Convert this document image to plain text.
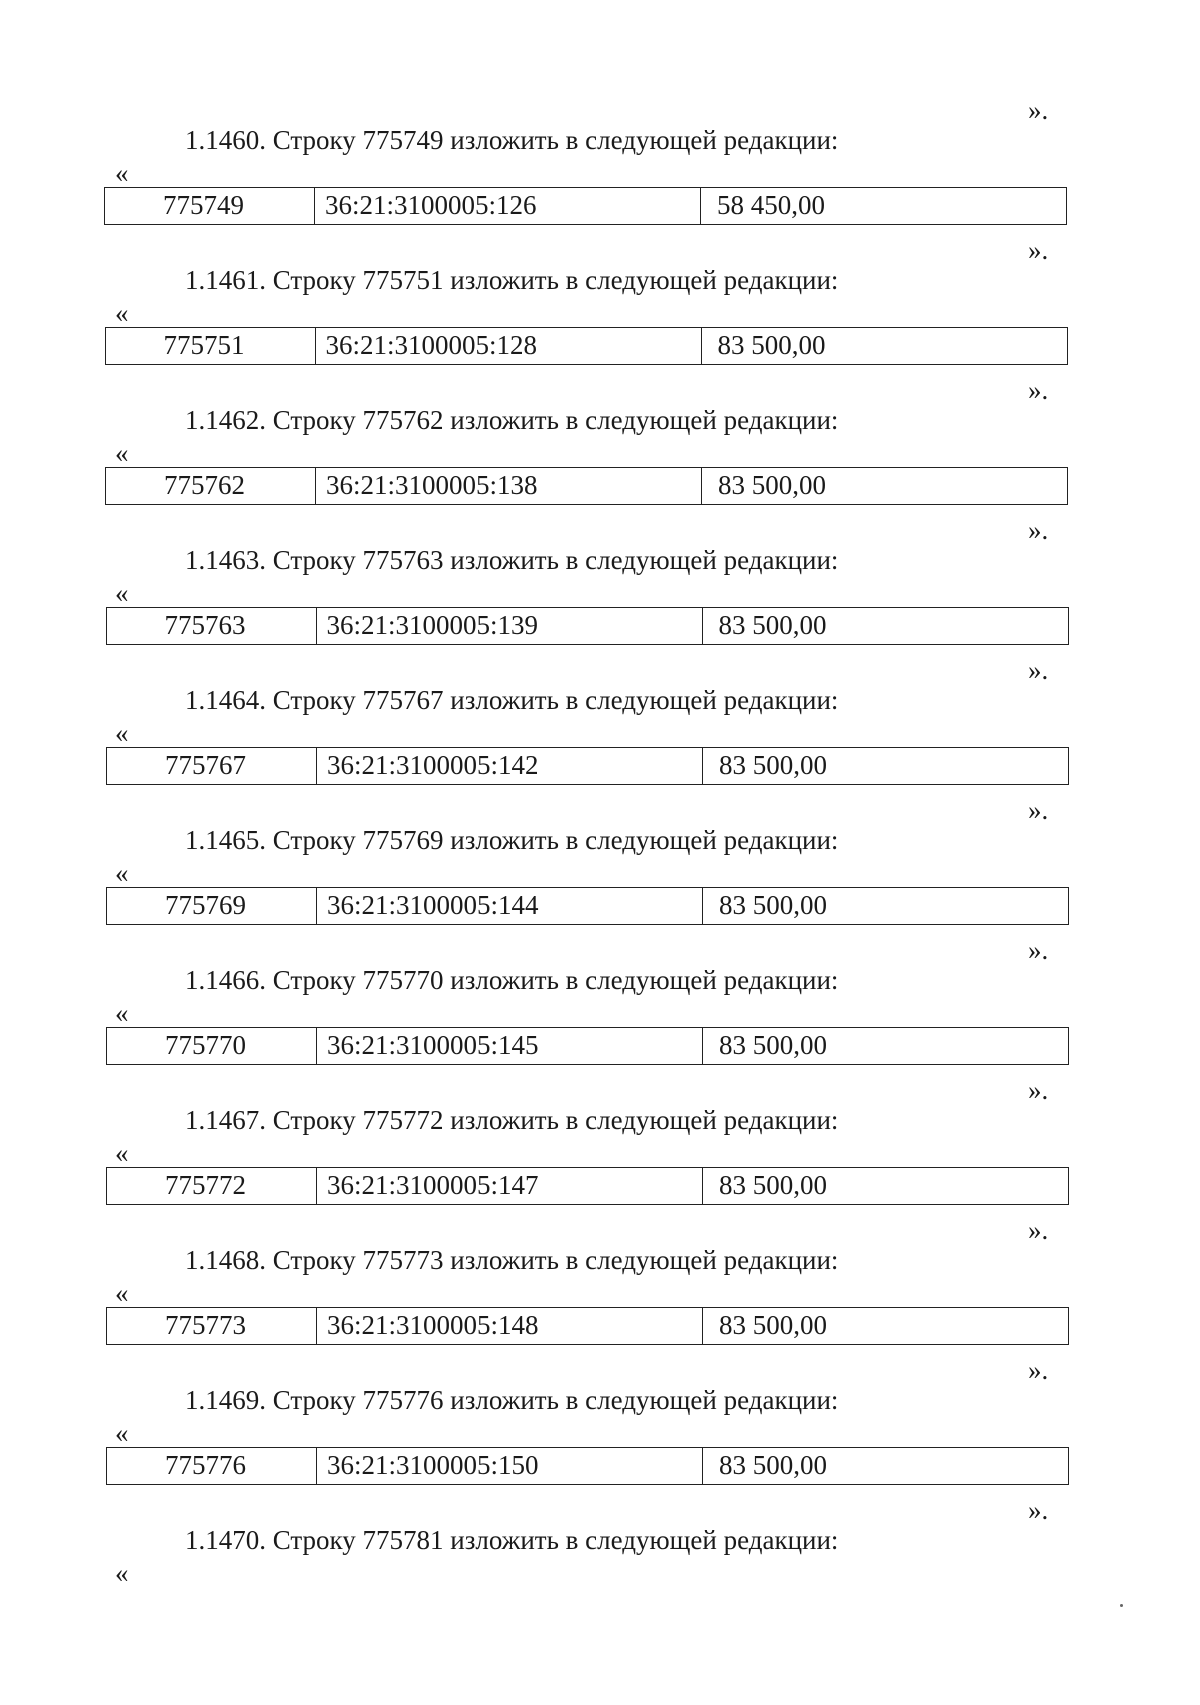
».
1.1460. Строку 775749 изложить в следующей редакции:
«
775749	36:21:3100005:126	58 450,00
».
1.1461. Строку 775751 изложить в следующей редакции:
«
775751	36:21:3100005:128	83 500,00
».
1.1462. Строку 775762 изложить в следующей редакции:
«
775762	36:21:3100005:138	83 500,00
».
1.1463. Строку 775763 изложить в следующей редакции:
«
775763	36:21:3100005:139	83 500,00
».
1.1464. Строку 775767 изложить в следующей редакции:
«
775767	36:21:3100005:142	83 500,00
».
1.1465. Строку 775769 изложить в следующей редакции:
«
775769	36:21:3100005:144	83 500,00
».
1.1466. Строку 775770 изложить в следующей редакции:
«
775770	36:21:3100005:145	83 500,00
».
1.1467. Строку 775772 изложить в следующей редакции:
«
775772	36:21:3100005:147	83 500,00
».
1.1468. Строку 775773 изложить в следующей редакции:
«
775773	36:21:3100005:148	83 500,00
».
1.1469. Строку 775776 изложить в следующей редакции:
«
775776	36:21:3100005:150	83 500,00
».
1.1470. Строку 775781 изложить в следующей редакции:
«
